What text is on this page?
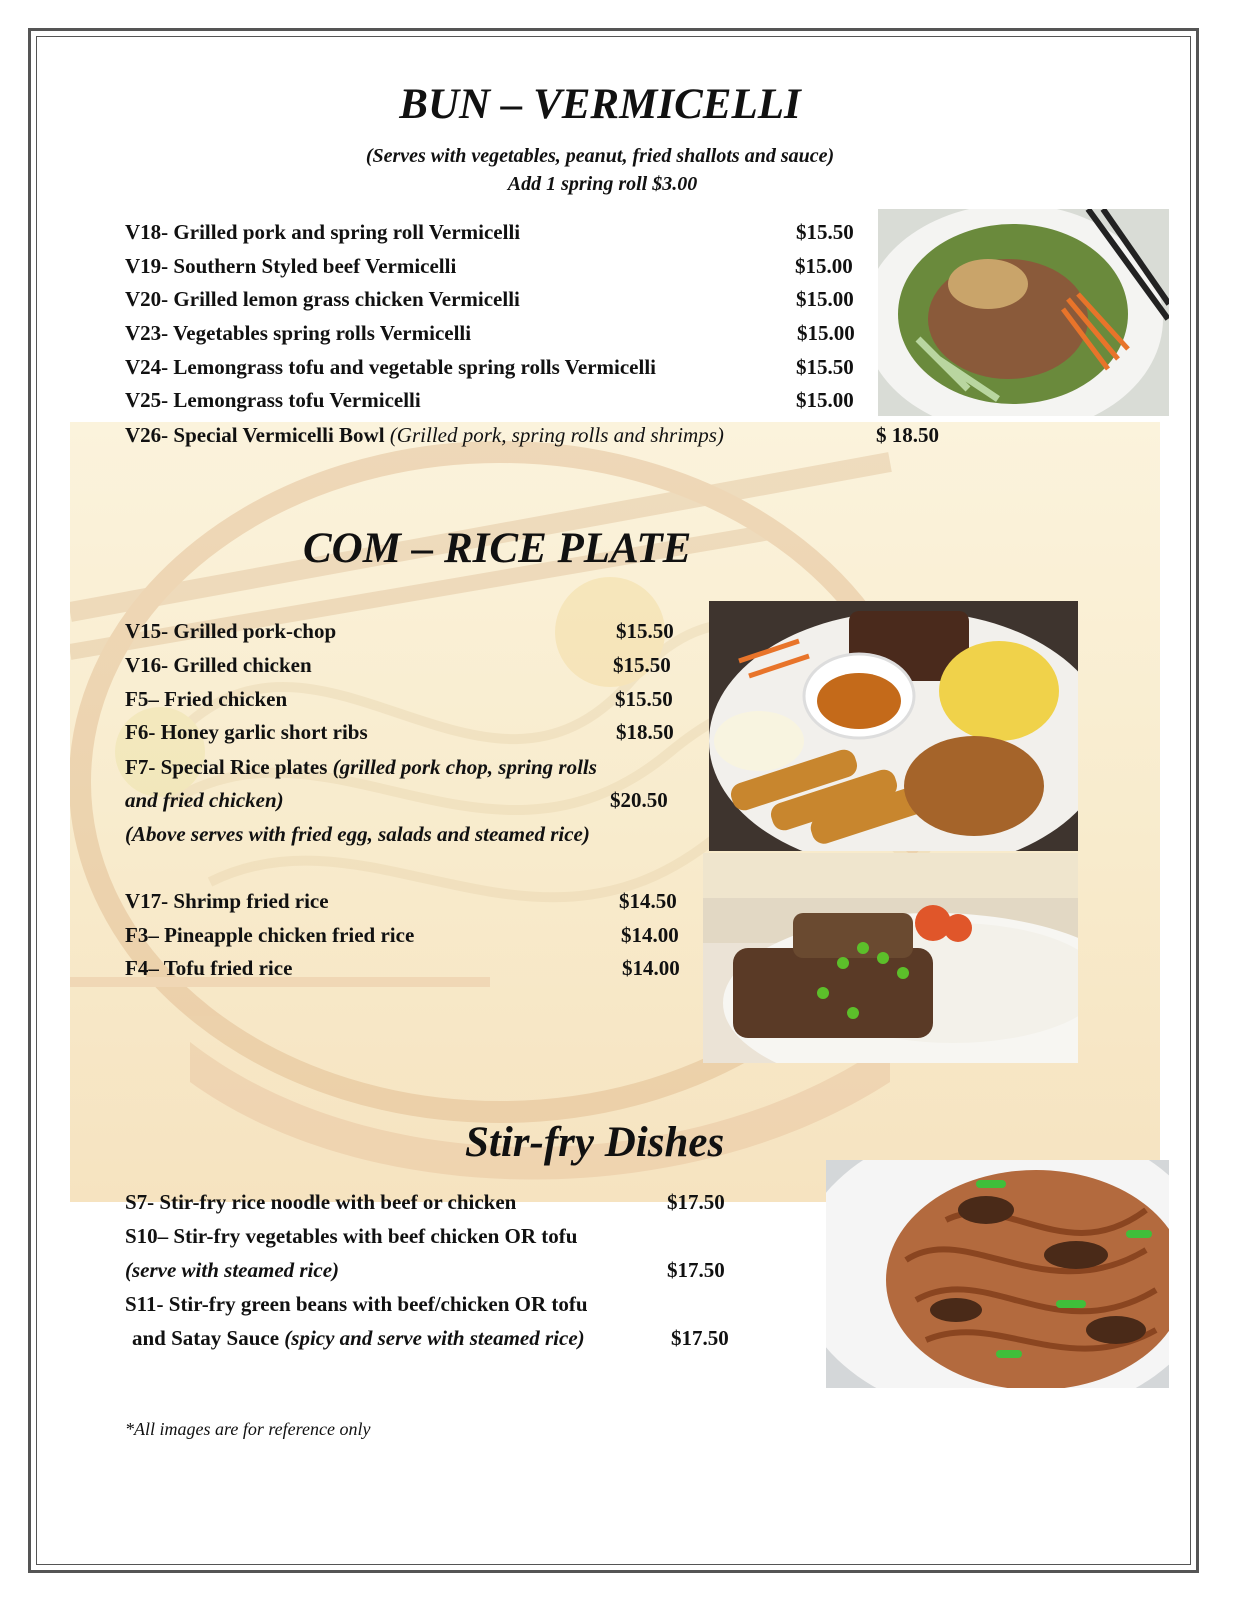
BUN – VERMICELLI
(Serves with vegetables, peanut, fried shallots and sauce)
Add 1 spring roll $3.00
V18- Grilled pork and spring roll Vermicelli	$15.50
V19- Southern Styled beef Vermicelli	$15.00
V20- Grilled lemon grass chicken Vermicelli	$15.00
V23- Vegetables spring rolls Vermicelli	$15.00
V24- Lemongrass tofu and vegetable spring rolls Vermicelli	$15.50
V25- Lemongrass tofu Vermicelli	$15.00
V26- Special Vermicelli Bowl (Grilled pork, spring rolls and shrimps)	$ 18.50
COM – RICE PLATE
V15- Grilled pork-chop	$15.50
V16- Grilled chicken	$15.50
F5– Fried chicken	$15.50
F6- Honey garlic short ribs	$18.50
F7- Special Rice plates (grilled pork chop, spring rolls
and fried chicken)	$20.50
(Above serves with fried egg, salads and steamed rice)
V17- Shrimp fried rice	$14.50
F3– Pineapple chicken fried rice	$14.00
F4– Tofu fried rice	$14.00
Stir-fry Dishes
S7- Stir-fry rice noodle with beef or chicken	$17.50
S10– Stir-fry vegetables with beef chicken OR tofu
(serve with steamed rice)	$17.50
S11- Stir-fry green beans with beef/chicken OR tofu
and Satay Sauce (spicy and serve with steamed rice)	$17.50
*All images are for reference only
